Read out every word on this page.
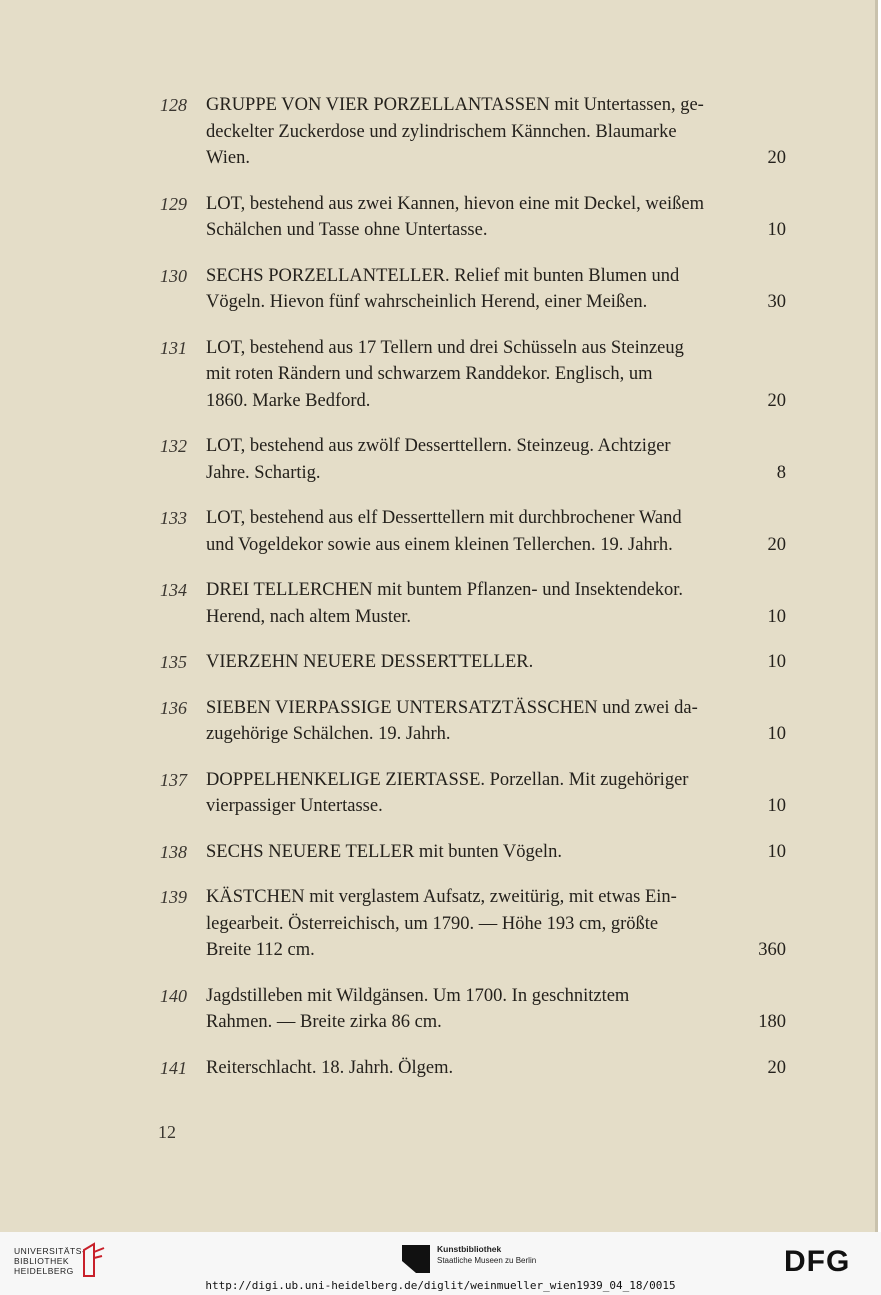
128 GRUPPE VON VIER PORZELLANTASSEN mit Untertassen, ge-
deckelter Zuckerdose und zylindrischem Kännchen. Blaumarke
Wien.	20
129 LOT, bestehend aus zwei Kannen, hievon eine mit Deckel, weißem
Schälchen und Tasse ohne Untertasse.	10
130 SECHS PORZELLANTELLER. Relief mit bunten Blumen und
Vögeln. Hievon fünf wahrscheinlich Herend, einer Meißen.	30
131 LOT, bestehend aus 17 Tellern und drei Schüsseln aus Steinzeug
mit roten Rändern und schwarzem Randdekor. Englisch, um
1860. Marke Bedford.	20
132 LOT, bestehend aus zwölf Desserttellern. Steinzeug. Achtziger
Jahre. Schartig.	8
133 LOT, bestehend aus elf Desserttellern mit durchbrochener Wand
und Vogeldekor sowie aus einem kleinen Tellerchen. 19. Jahrh.	20
134 DREI TELLERCHEN mit buntem Pflanzen- und Insektendekor.
Herend, nach altem Muster.	10
135 VIERZEHN NEUERE DESSERTTELLER.	10
136 SIEBEN VIERPASSIGE UNTERSATZTÄSSCHEN und zwei da-
zugehörige Schälchen. 19. Jahrh.	10
137 DOPPELHENKELIGE ZIERTASSE. Porzellan. Mit zugehöriger
vierpassiger Untertasse.	10
138 SECHS NEUERE TELLER mit bunten Vögeln.	10
139 KÄSTCHEN mit verglastem Aufsatz, zweitürig, mit etwas Ein-
legearbeit. Österreichisch, um 1790. — Höhe 193 cm, größte
Breite 112 cm.	360
140 Jagdstilleben mit Wildgänsen. Um 1700. In geschnitztem
Rahmen. — Breite zirka 86 cm.	180
141 Reiterschlacht. 18. Jahrh. Ölgem.	20
12
UNIVERSITÄTS-
BIBLIOTHEK
HEIDELBERG
Kunstbibliothek
Staatliche Museen zu Berlin	DFG
http://digi.ub.uni-heidelberg.de/diglit/weinmueller_wien1939_04_18/0015
